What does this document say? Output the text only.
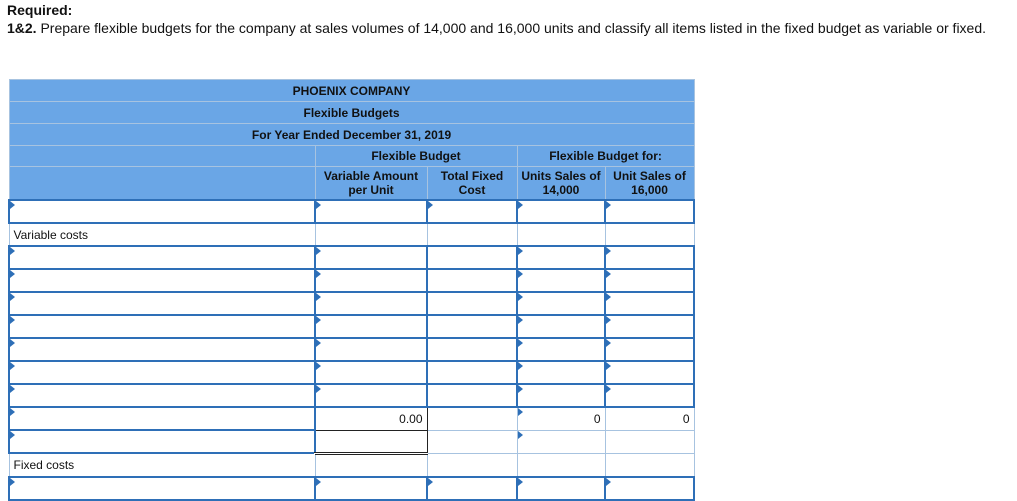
Required:
1&2. Prepare flexible budgets for the company at sales volumes of 14,000 and 16,000 units and classify all items listed in the fixed budget as variable or fixed.
PHOENIX COMPANY				
Flexible Budgets				
For Year Ended December 31, 2019				
	Flexible Budget		Flexible Budget for:	

	Variable Amount per Unit	Total Fixed Cost	Units Sales of 14,000	Unit Sales of 16,000

Variable costs				

	0.00		0	0

Fixed costs				
